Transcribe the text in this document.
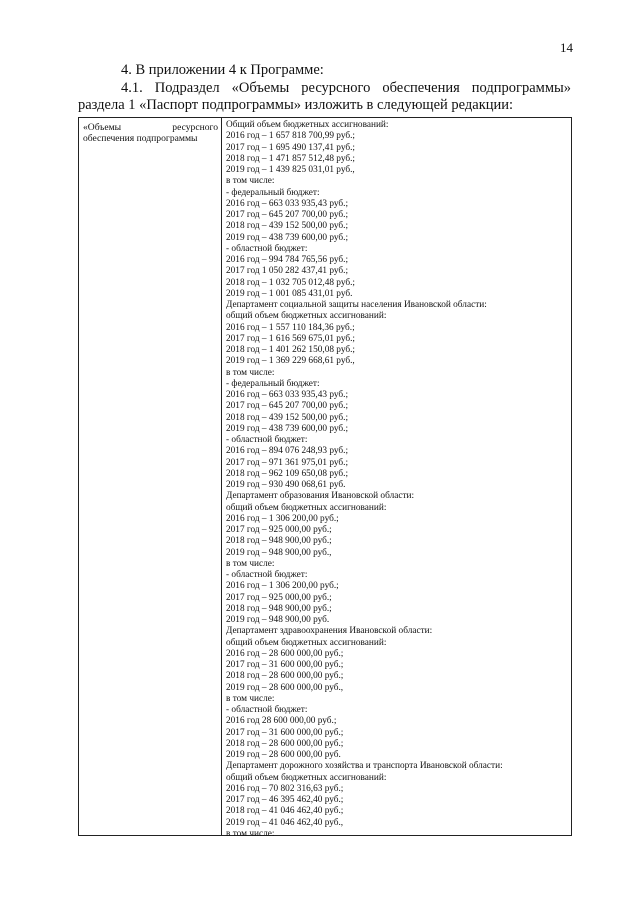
14
4. В приложении 4 к Программе:
4.1. Подраздел «Объемы ресурсного обеспечения подпрограммы»
раздела 1 «Паспорт подпрограммы» изложить в следующей редакции:
«Объемы	ресурсного
обеспечения подпрограммы
Общий объем бюджетных ассигнований:
2016 год – 1 657 818 700,99 руб.;
2017 год – 1 695 490 137,41 руб.;
2018 год – 1 471 857 512,48 руб.;
2019 год – 1 439 825 031,01 руб.,
в том числе:
- федеральный бюджет:
2016 год – 663 033 935,43 руб.;
2017 год – 645 207 700,00 руб.;
2018 год – 439 152 500,00 руб.;
2019 год – 438 739 600,00 руб.;
- областной бюджет:
2016 год – 994 784 765,56 руб.;
2017 год 1 050 282 437,41 руб.;
2018 год – 1 032 705 012,48 руб.;
2019 год – 1 001 085 431,01 руб.
Департамент социальной защиты населения Ивановской области:
общий объем бюджетных ассигнований:
2016 год – 1 557 110 184,36 руб.;
2017 год – 1 616 569 675,01 руб.;
2018 год – 1 401 262 150,08 руб.;
2019 год – 1 369 229 668,61 руб.,
в том числе:
- федеральный бюджет:
2016 год – 663 033 935,43 руб.;
2017 год – 645 207 700,00 руб.;
2018 год – 439 152 500,00 руб.;
2019 год – 438 739 600,00 руб.;
- областной бюджет:
2016 год – 894 076 248,93 руб.;
2017 год – 971 361 975,01 руб.;
2018 год – 962 109 650,08 руб.;
2019 год – 930 490 068,61 руб.
Департамент образования Ивановской области:
общий объем бюджетных ассигнований:
2016 год – 1 306 200,00 руб.;
2017 год – 925 000,00 руб.;
2018 год – 948 900,00 руб.;
2019 год – 948 900,00 руб.,
в том числе:
- областной бюджет:
2016 год – 1 306 200,00 руб.;
2017 год – 925 000,00 руб.;
2018 год – 948 900,00 руб.;
2019 год – 948 900,00 руб.
Департамент здравоохранения Ивановской области:
общий объем бюджетных ассигнований:
2016 год – 28 600 000,00 руб.;
2017 год – 31 600 000,00 руб.;
2018 год – 28 600 000,00 руб.;
2019 год – 28 600 000,00 руб.,
в том числе:
- областной бюджет:
2016 год 28 600 000,00 руб.;
2017 год – 31 600 000,00 руб.;
2018 год – 28 600 000,00 руб.;
2019 год – 28 600 000,00 руб.
Департамент дорожного хозяйства и транспорта Ивановской области:
общий объем бюджетных ассигнований:
2016 год – 70 802 316,63 руб.;
2017 год – 46 395 462,40 руб.;
2018 год – 41 046 462,40 руб.;
2019 год – 41 046 462,40 руб.,
в том числе:
